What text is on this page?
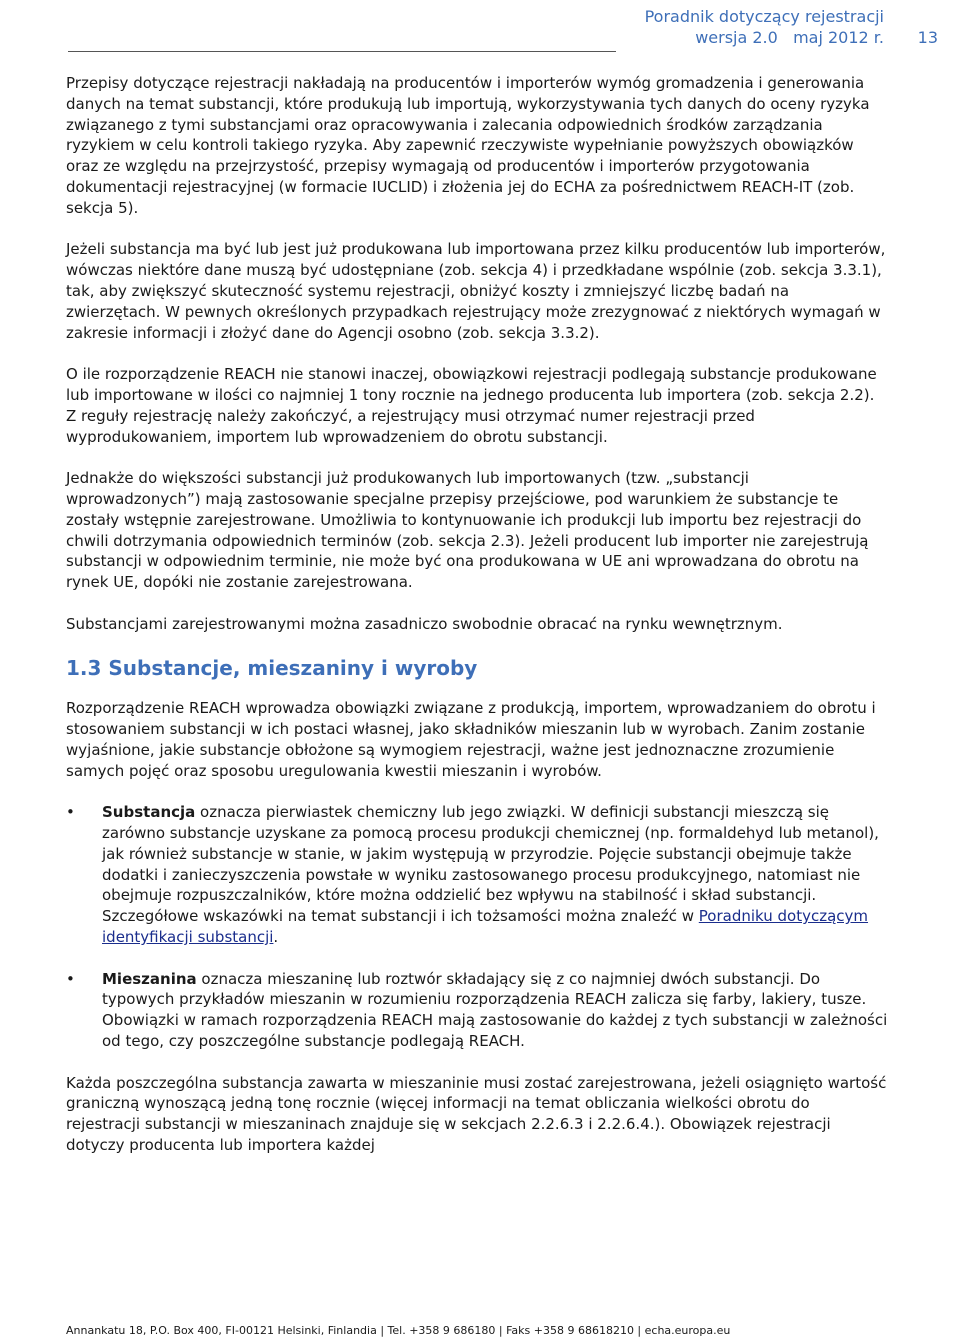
Poradnik dotyczący rejestracji
wersja 2.0 maj 2012 r. 13

Przepisy dotyczące rejestracji nakładają na producentów i importerów wymóg gromadzenia i generowania danych na temat substancji, które produkują lub importują, wykorzystywania tych danych do oceny ryzyka związanego z tymi substancjami oraz opracowywania i zalecania odpowiednich środków zarządzania ryzykiem w celu kontroli takiego ryzyka. Aby zapewnić rzeczywiste wypełnianie powyższych obowiązków oraz ze względu na przejrzystość, przepisy wymagają od producentów i importerów przygotowania dokumentacji rejestracyjnej (w formacie IUCLID) i złożenia jej do ECHA za pośrednictwem REACH-IT (zob. sekcja 5).

Jeżeli substancja ma być lub jest już produkowana lub importowana przez kilku producentów lub importerów, wówczas niektóre dane muszą być udostępniane (zob. sekcja 4) i przedkładane wspólnie (zob. sekcja 3.3.1), tak, aby zwiększyć skuteczność systemu rejestracji, obniżyć koszty i zmniejszyć liczbę badań na zwierzętach. W pewnych określonych przypadkach rejestrujący może zrezygnować z niektórych wymagań w zakresie informacji i złożyć dane do Agencji osobno (zob. sekcja 3.3.2).

O ile rozporządzenie REACH nie stanowi inaczej, obowiązkowi rejestracji podlegają substancje produkowane lub importowane w ilości co najmniej 1 tony rocznie na jednego producenta lub importera (zob. sekcja 2.2). Z reguły rejestrację należy zakończyć, a rejestrujący musi otrzymać numer rejestracji przed wyprodukowaniem, importem lub wprowadzeniem do obrotu substancji.

Jednakże do większości substancji już produkowanych lub importowanych (tzw. „substancji wprowadzonych”) mają zastosowanie specjalne przepisy przejściowe, pod warunkiem że substancje te zostały wstępnie zarejestrowane. Umożliwia to kontynuowanie ich produkcji lub importu bez rejestracji do chwili dotrzymania odpowiednich terminów (zob. sekcja 2.3). Jeżeli producent lub importer nie zarejestrują substancji w odpowiednim terminie, nie może być ona produkowana w UE ani wprowadzana do obrotu na rynek UE, dopóki nie zostanie zarejestrowana.

Substancjami zarejestrowanymi można zasadniczo swobodnie obracać na rynku wewnętrznym.

1.3 Substancje, mieszaniny i wyroby

Rozporządzenie REACH wprowadza obowiązki związane z produkcją, importem, wprowadzaniem do obrotu i stosowaniem substancji w ich postaci własnej, jako składników mieszanin lub w wyrobach. Zanim zostanie wyjaśnione, jakie substancje obłożone są wymogiem rejestracji, ważne jest jednoznaczne zrozumienie samych pojęć oraz sposobu uregulowania kwestii mieszanin i wyrobów.

• Substancja oznacza pierwiastek chemiczny lub jego związki. W definicji substancji mieszczą się zarówno substancje uzyskane za pomocą procesu produkcji chemicznej (np. formaldehyd lub metanol), jak również substancje w stanie, w jakim występują w przyrodzie. Pojęcie substancji obejmuje także dodatki i zanieczyszczenia powstałe w wyniku zastosowanego procesu produkcyjnego, natomiast nie obejmuje rozpuszczalników, które można oddzielić bez wpływu na stabilność i skład substancji. Szczegółowe wskazówki na temat substancji i ich tożsamości można znaleźć w Poradniku dotyczącym identyfikacji substancji.
• Mieszanina oznacza mieszaninę lub roztwór składający się z co najmniej dwóch substancji. Do typowych przykładów mieszanin w rozumieniu rozporządzenia REACH zalicza się farby, lakiery, tusze. Obowiązki w ramach rozporządzenia REACH mają zastosowanie do każdej z tych substancji w zależności od tego, czy poszczególne substancje podlegają REACH.

Każda poszczególna substancja zawarta w mieszaninie musi zostać zarejestrowana, jeżeli osiągnięto wartość graniczną wynoszącą jedną tonę rocznie (więcej informacji na temat obliczania wielkości obrotu do rejestracji substancji w mieszaninach znajduje się w sekcjach 2.2.6.3 i 2.2.6.4.). Obowiązek rejestracji dotyczy producenta lub importera każdej

Annankatu 18, P.O. Box 400, FI-00121 Helsinki, Finlandia | Tel. +358 9 686180 | Faks +358 9 68618210 | echa.europa.eu
